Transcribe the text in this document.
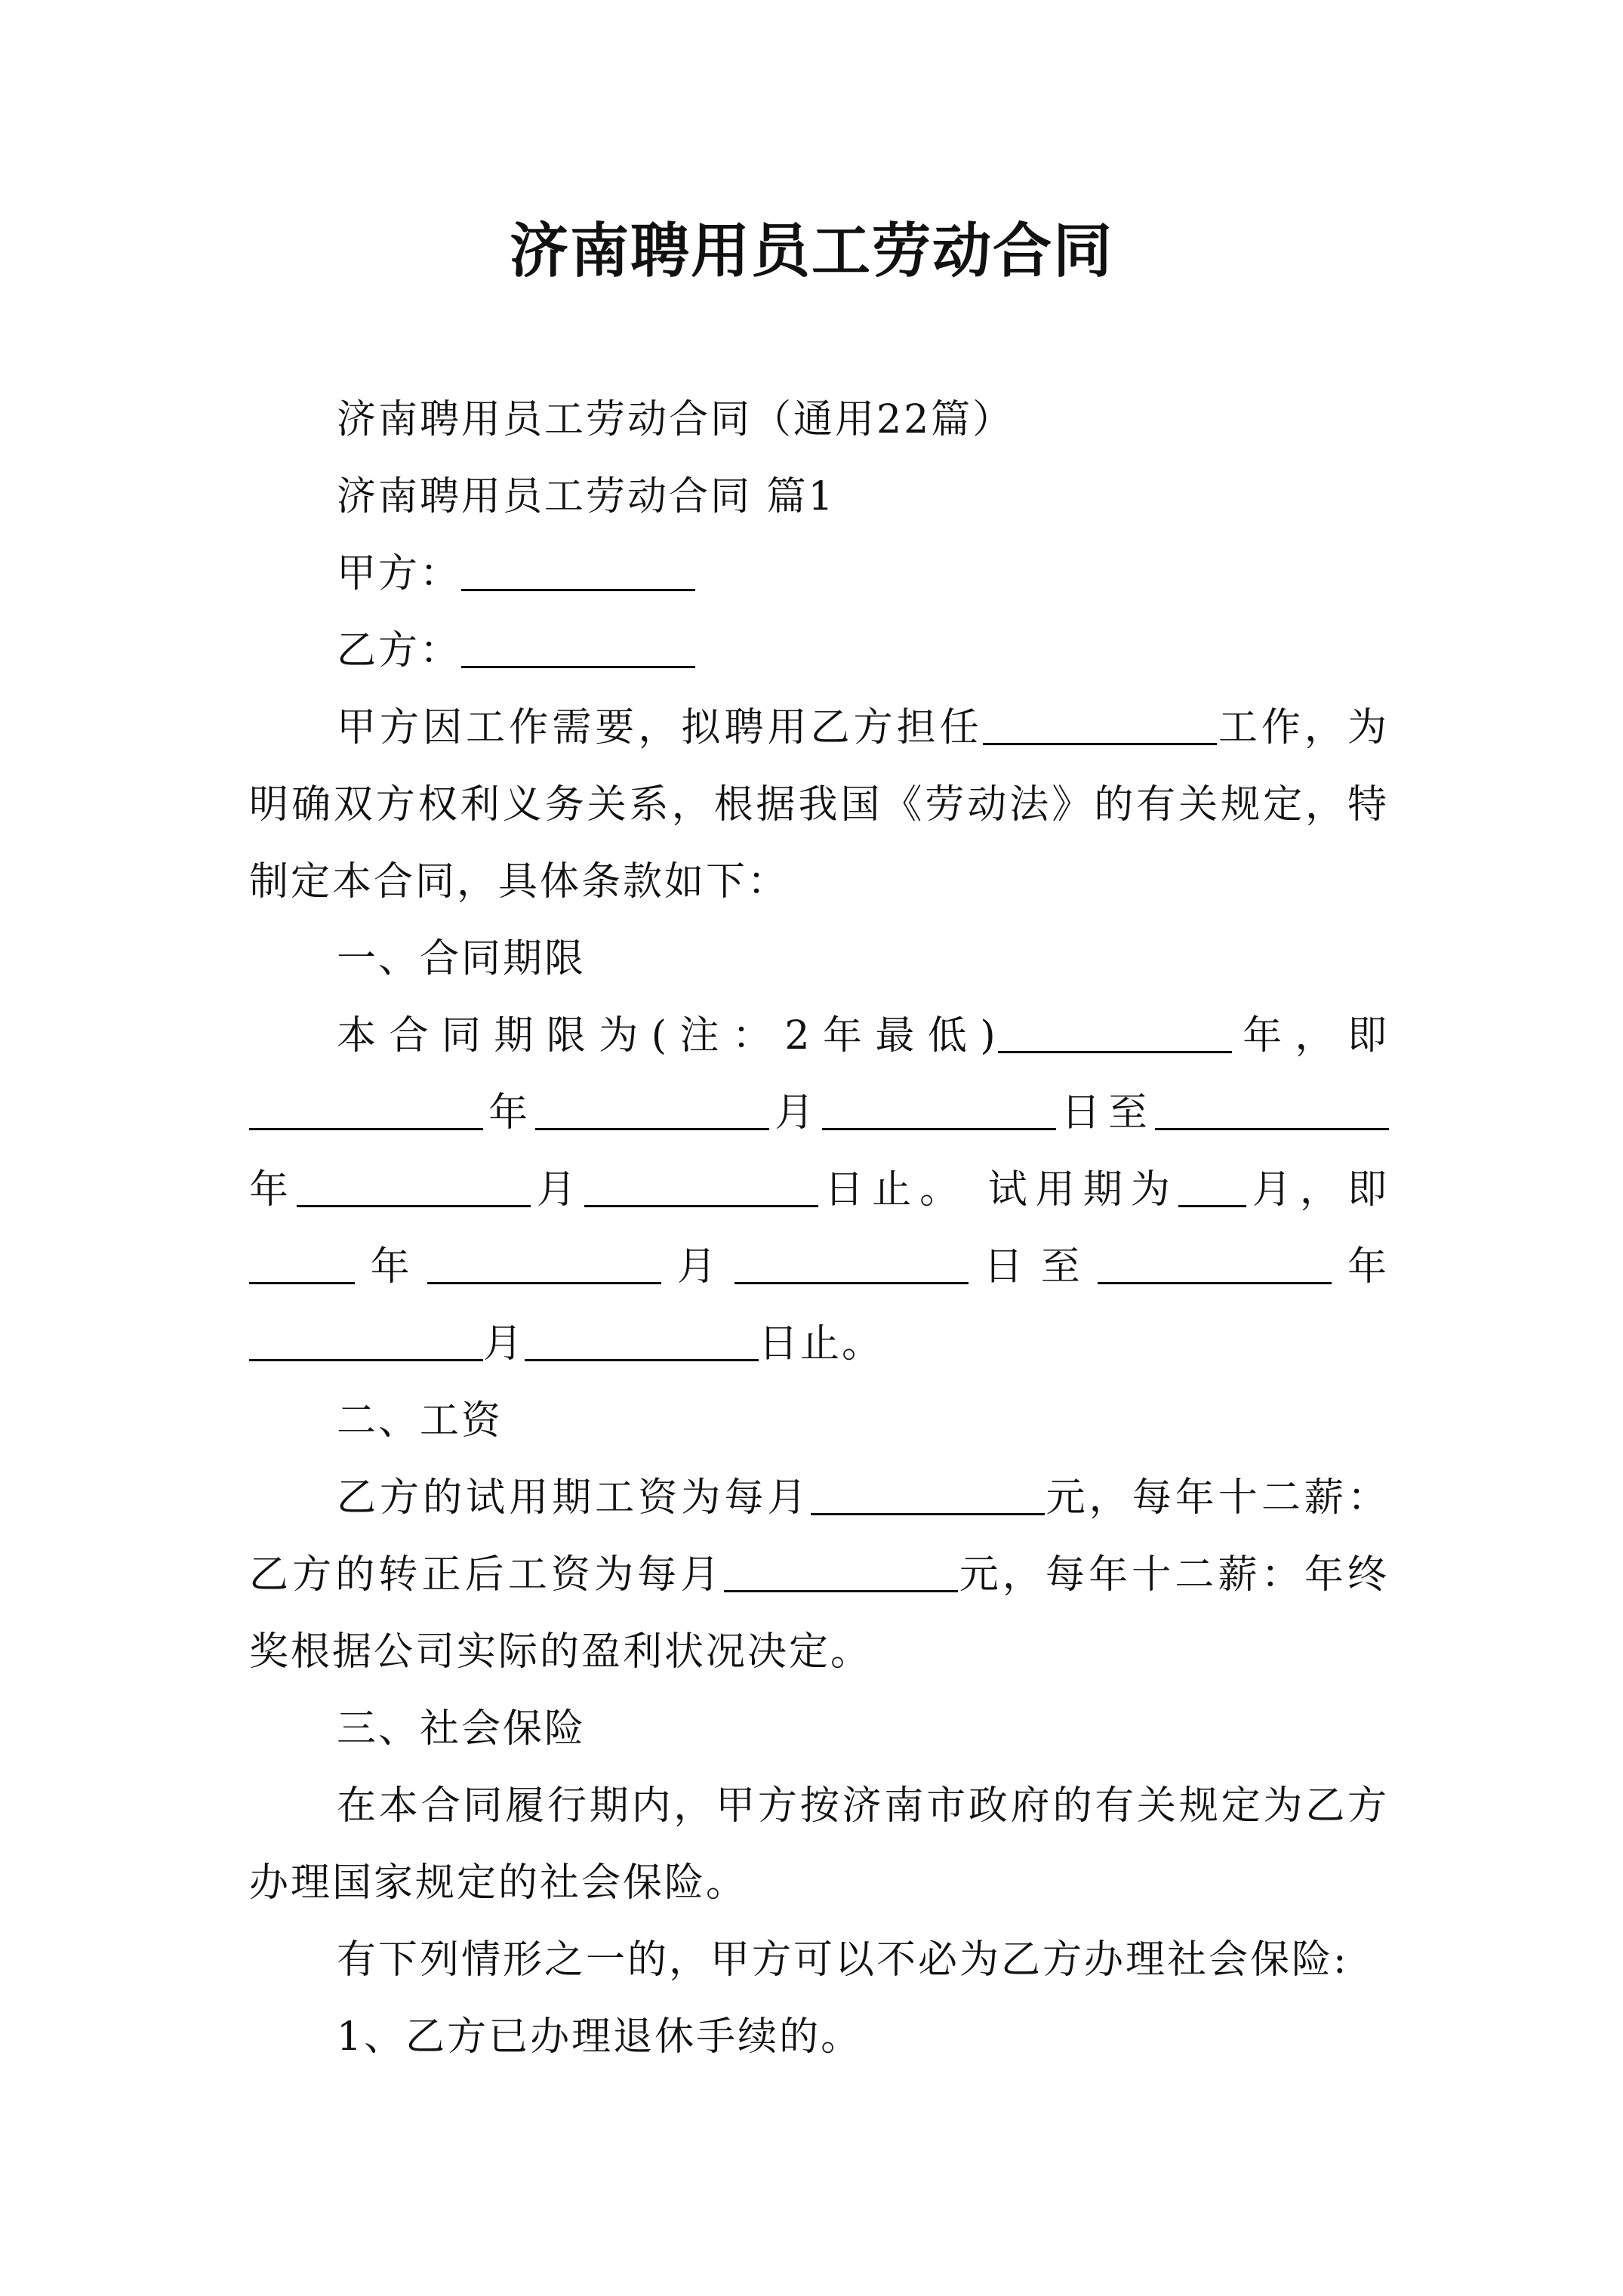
济南聘用员工劳动合同

济南聘用员工劳动合同（通用22篇）

济南聘用员工劳动合同 篇1

甲方：

乙方：

甲方因工作需要，拟聘用乙方担任	工作，为明确双方权利义务关系，根据我国《劳动法》的有关规定，特制定本合同，具体条款如下：

一、合同期限

本合同期限为(注：2年最低)	年，即年	月	日至年	月	日止。 试用期为 月，即年	月	日至	年月	日止。

二、工资

乙方的试用期工资为每月	元，每年十二薪：乙方的转正后工资为每月	元，每年十二薪：年终奖根据公司实际的盈利状况决定。

三、社会保险

在本合同履行期内，甲方按济南市政府的有关规定为乙方办理国家规定的社会保险。

有下列情形之一的，甲方可以不必为乙方办理社会保险:

1、乙方已办理退休手续的。
